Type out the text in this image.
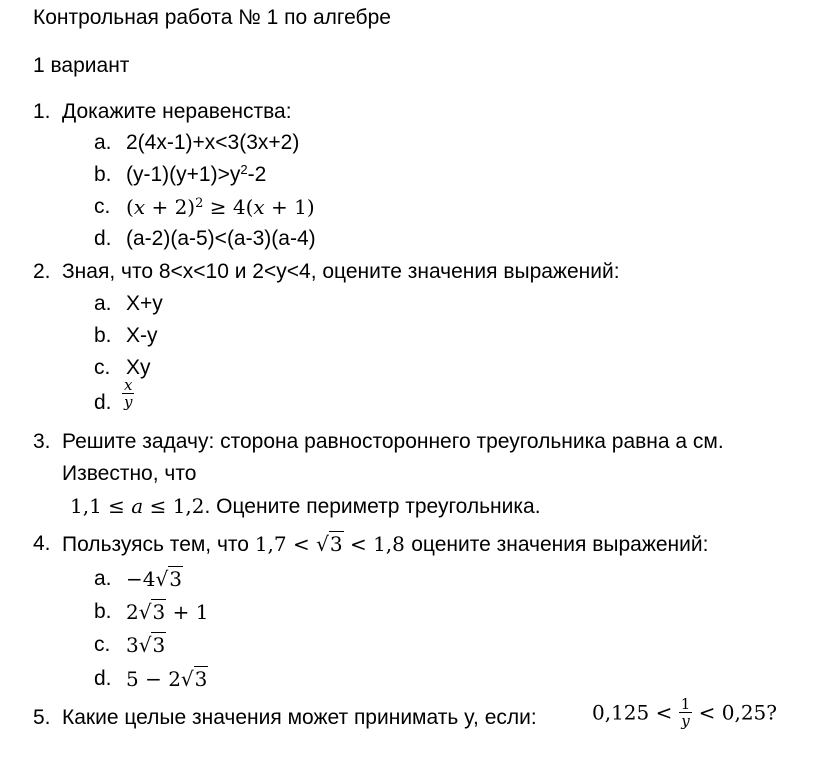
Контрольная работа № 1 по алгебре
1 вариант
1. Докажите неравенства:
a. 2(4x-1)+x<3(3x+2)
b. $(y-1)(y+1)>y^2-2$
c. $(x + 2)^2 \ge 4(x + 1)$
d. (a-2)(a-5)<(a-3)(a-4)
2. Зная, что 8<x<10 и 2<y<4, оцените значения выражений:
a. X+y
b. X-y
c. Xy
d. $\frac{x}{y}$
3. Решите задачу: сторона равностороннего треугольника равна а см.
Известно, что
1,1 ≤ a ≤ 1,2. Оцените периметр треугольника.
4. Пользуясь тем, что 1,7 < √3 < 1,8 оцените значения выражений:
a. −4√3
b. 2√3 + 1
c. 3√3
d. 5 − 2√3
5. Какие целые значения может принимать y, если:	$0,125 < \frac{1}{y} < 0,25$?
